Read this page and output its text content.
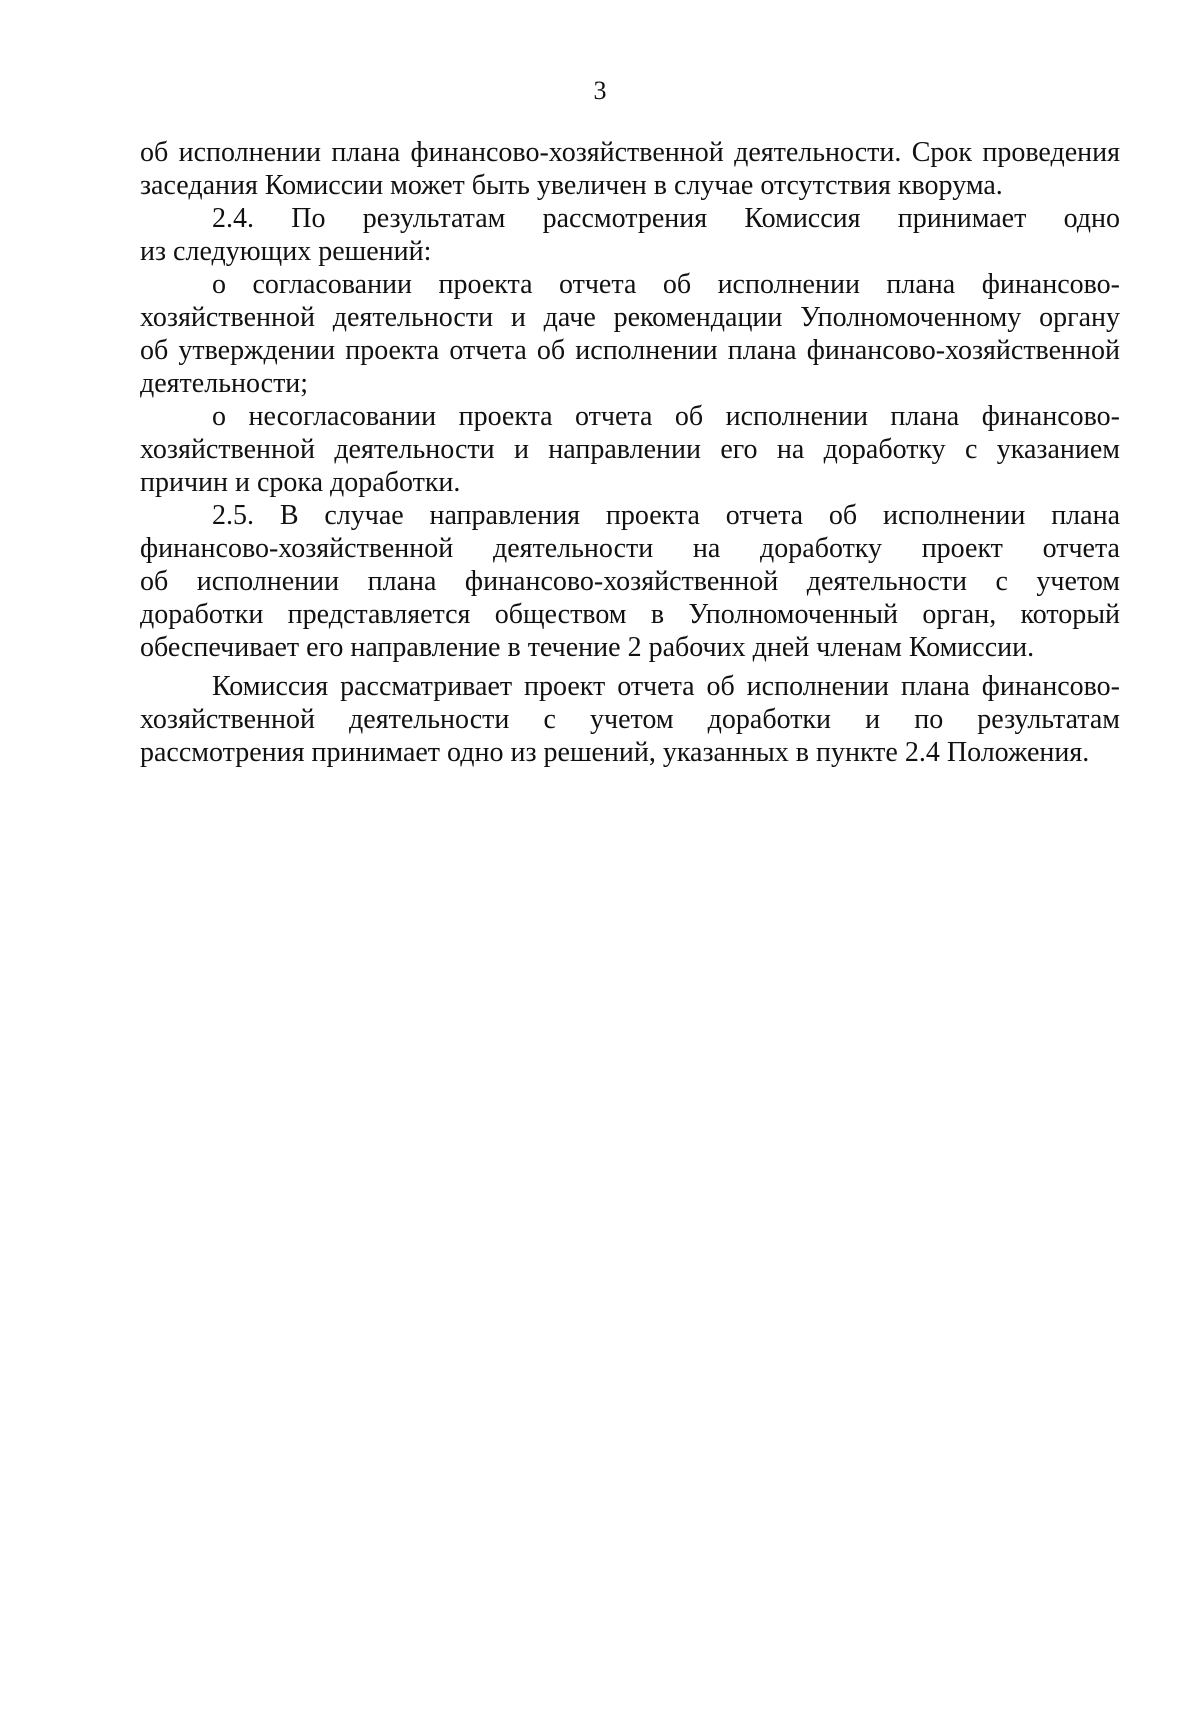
3

об исполнении плана финансово-хозяйственной деятельности. Срок проведения
заседания Комиссии может быть увеличен в случае отсутствия кворума.

2.4. По результатам рассмотрения Комиссия принимает одно
из следующих решений:

о согласовании проекта отчета об исполнении плана финансово-
хозяйственной деятельности и даче рекомендации Уполномоченному органу
об утверждении проекта отчета об исполнении плана финансово-хозяйственной
деятельности;

о несогласовании проекта отчета об исполнении плана финансово-
хозяйственной деятельности и направлении его на доработку с указанием
причин и срока доработки.

2.5. В случае направления проекта отчета об исполнении плана
финансово-хозяйственной деятельности на доработку проект отчета
об исполнении плана финансово-хозяйственной деятельности с учетом
доработки представляется обществом в Уполномоченный орган, который
обеспечивает его направление в течение 2 рабочих дней членам Комиссии.

Комиссия рассматривает проект отчета об исполнении плана финансово-
хозяйственной деятельности с учетом доработки и по результатам
рассмотрения принимает одно из решений, указанных в пункте 2.4 Положения.
